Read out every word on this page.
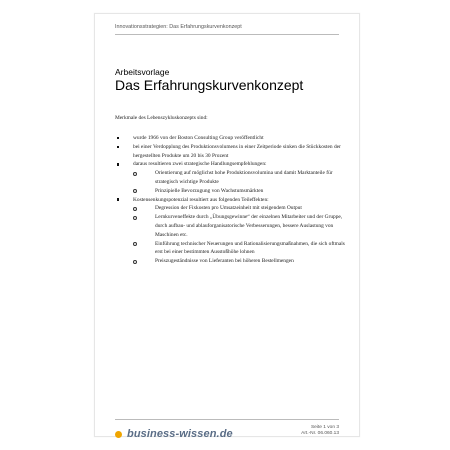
Innovationsstrategien: Das Erfahrungskurvenkonzept
Arbeitsvorlage
Das Erfahrungskurvenkonzept
Merkmale des Lebenszykluskonzepts sind:
wurde 1966 von der Boston Consulting Group veröffentlicht
bei einer Verdopplung des Produktionsvolumens in einer Zeitperiode sinken die Stückkosten der hergestellten Produkte um 20 bis 30 Prozent
daraus resultieren zwei strategische Handlungsempfehlungen:
Orientierung auf möglichst hohe Produktionsvolumina und damit Marktanteile für strategisch wichtige Produkte
Prinzipielle Bevorzugung von Wachstumsmärkten
Kostensenkungspotenzial resultiert aus folgenden Teileffekten:
Degression der Fixkosten pro Umsatzeinheit mit steigendem Output
Lernkurveneffekte durch „Übungsgewinne“ der einzelnen Mitarbeiter und der Gruppe, durch aufbau- und ablauforganisatorische Verbesserungen, bessere Auslastung von Maschinen etc.
Einführung technischer Neuerungen und Rationalisierungsmaßnahmen, die sich oftmals erst bei einer bestimmten Ausstoßhöhe lohnen
Preiszugeständnisse von Lieferanten bei höheren Bestellmengen
business-wissen.de
Seite 1 von 3
Art.-Nr. 06.060.13
